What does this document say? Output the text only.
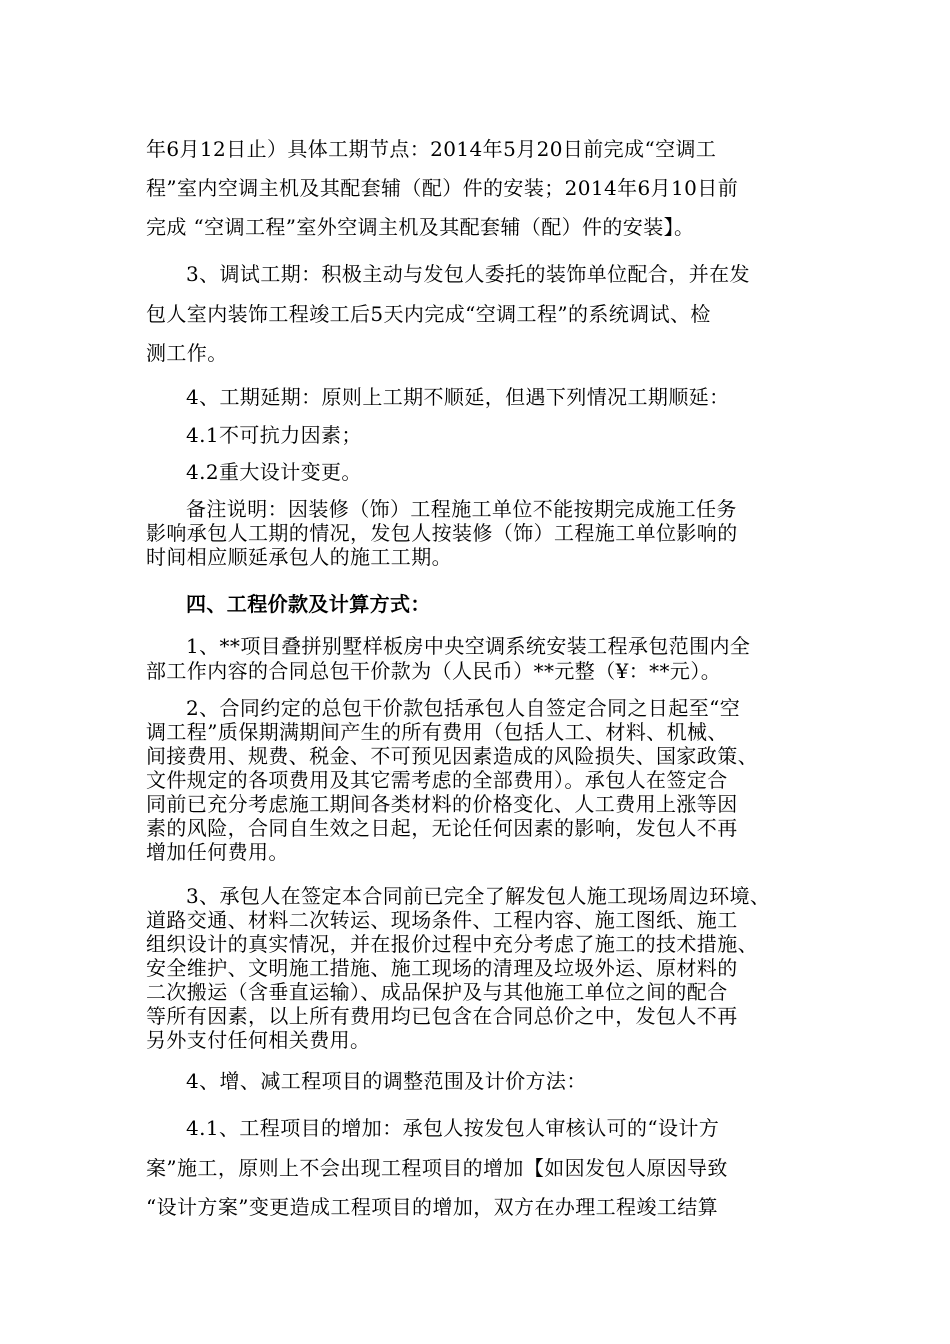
年6月12日止）具体工期节点：2014年5月20日前完成“空调工
程”室内空调主机及其配套辅（配）件的安装；2014年6月10日前
完成 “空调工程”室外空调主机及其配套辅（配）件的安装】。
3、调试工期：积极主动与发包人委托的装饰单位配合，并在发
包人室内装饰工程竣工后5天内完成“空调工程”的系统调试、检
测工作。
4、工期延期：原则上工期不顺延，但遇下列情况工期顺延：
4.1不可抗力因素；
4.2重大设计变更。
备注说明：因装修（饰）工程施工单位不能按期完成施工任务
影响承包人工期的情况，发包人按装修（饰）工程施工单位影响的
时间相应顺延承包人的施工工期。
四、工程价款及计算方式：
1、**项目叠拼别墅样板房中央空调系统安装工程承包范围内全
部工作内容的合同总包干价款为（人民币）**元整（¥：**元）。
2、合同约定的总包干价款包括承包人自签定合同之日起至“空
调工程”质保期满期间产生的所有费用（包括人工、材料、机械、
间接费用、规费、税金、不可预见因素造成的风险损失、国家政策、
文件规定的各项费用及其它需考虑的全部费用）。承包人在签定合
同前已充分考虑施工期间各类材料的价格变化、人工费用上涨等因
素的风险，合同自生效之日起，无论任何因素的影响，发包人不再
增加任何费用。
3、承包人在签定本合同前已完全了解发包人施工现场周边环境、
道路交通、材料二次转运、现场条件、工程内容、施工图纸、施工
组织设计的真实情况，并在报价过程中充分考虑了施工的技术措施、
安全维护、文明施工措施、施工现场的清理及垃圾外运、原材料的
二次搬运（含垂直运输）、成品保护及与其他施工单位之间的配合
等所有因素，以上所有费用均已包含在合同总价之中，发包人不再
另外支付任何相关费用。
4、增、减工程项目的调整范围及计价方法：
4.1、工程项目的增加：承包人按发包人审核认可的“设计方
案”施工，原则上不会出现工程项目的增加【如因发包人原因导致
“设计方案”变更造成工程项目的增加，双方在办理工程竣工结算
